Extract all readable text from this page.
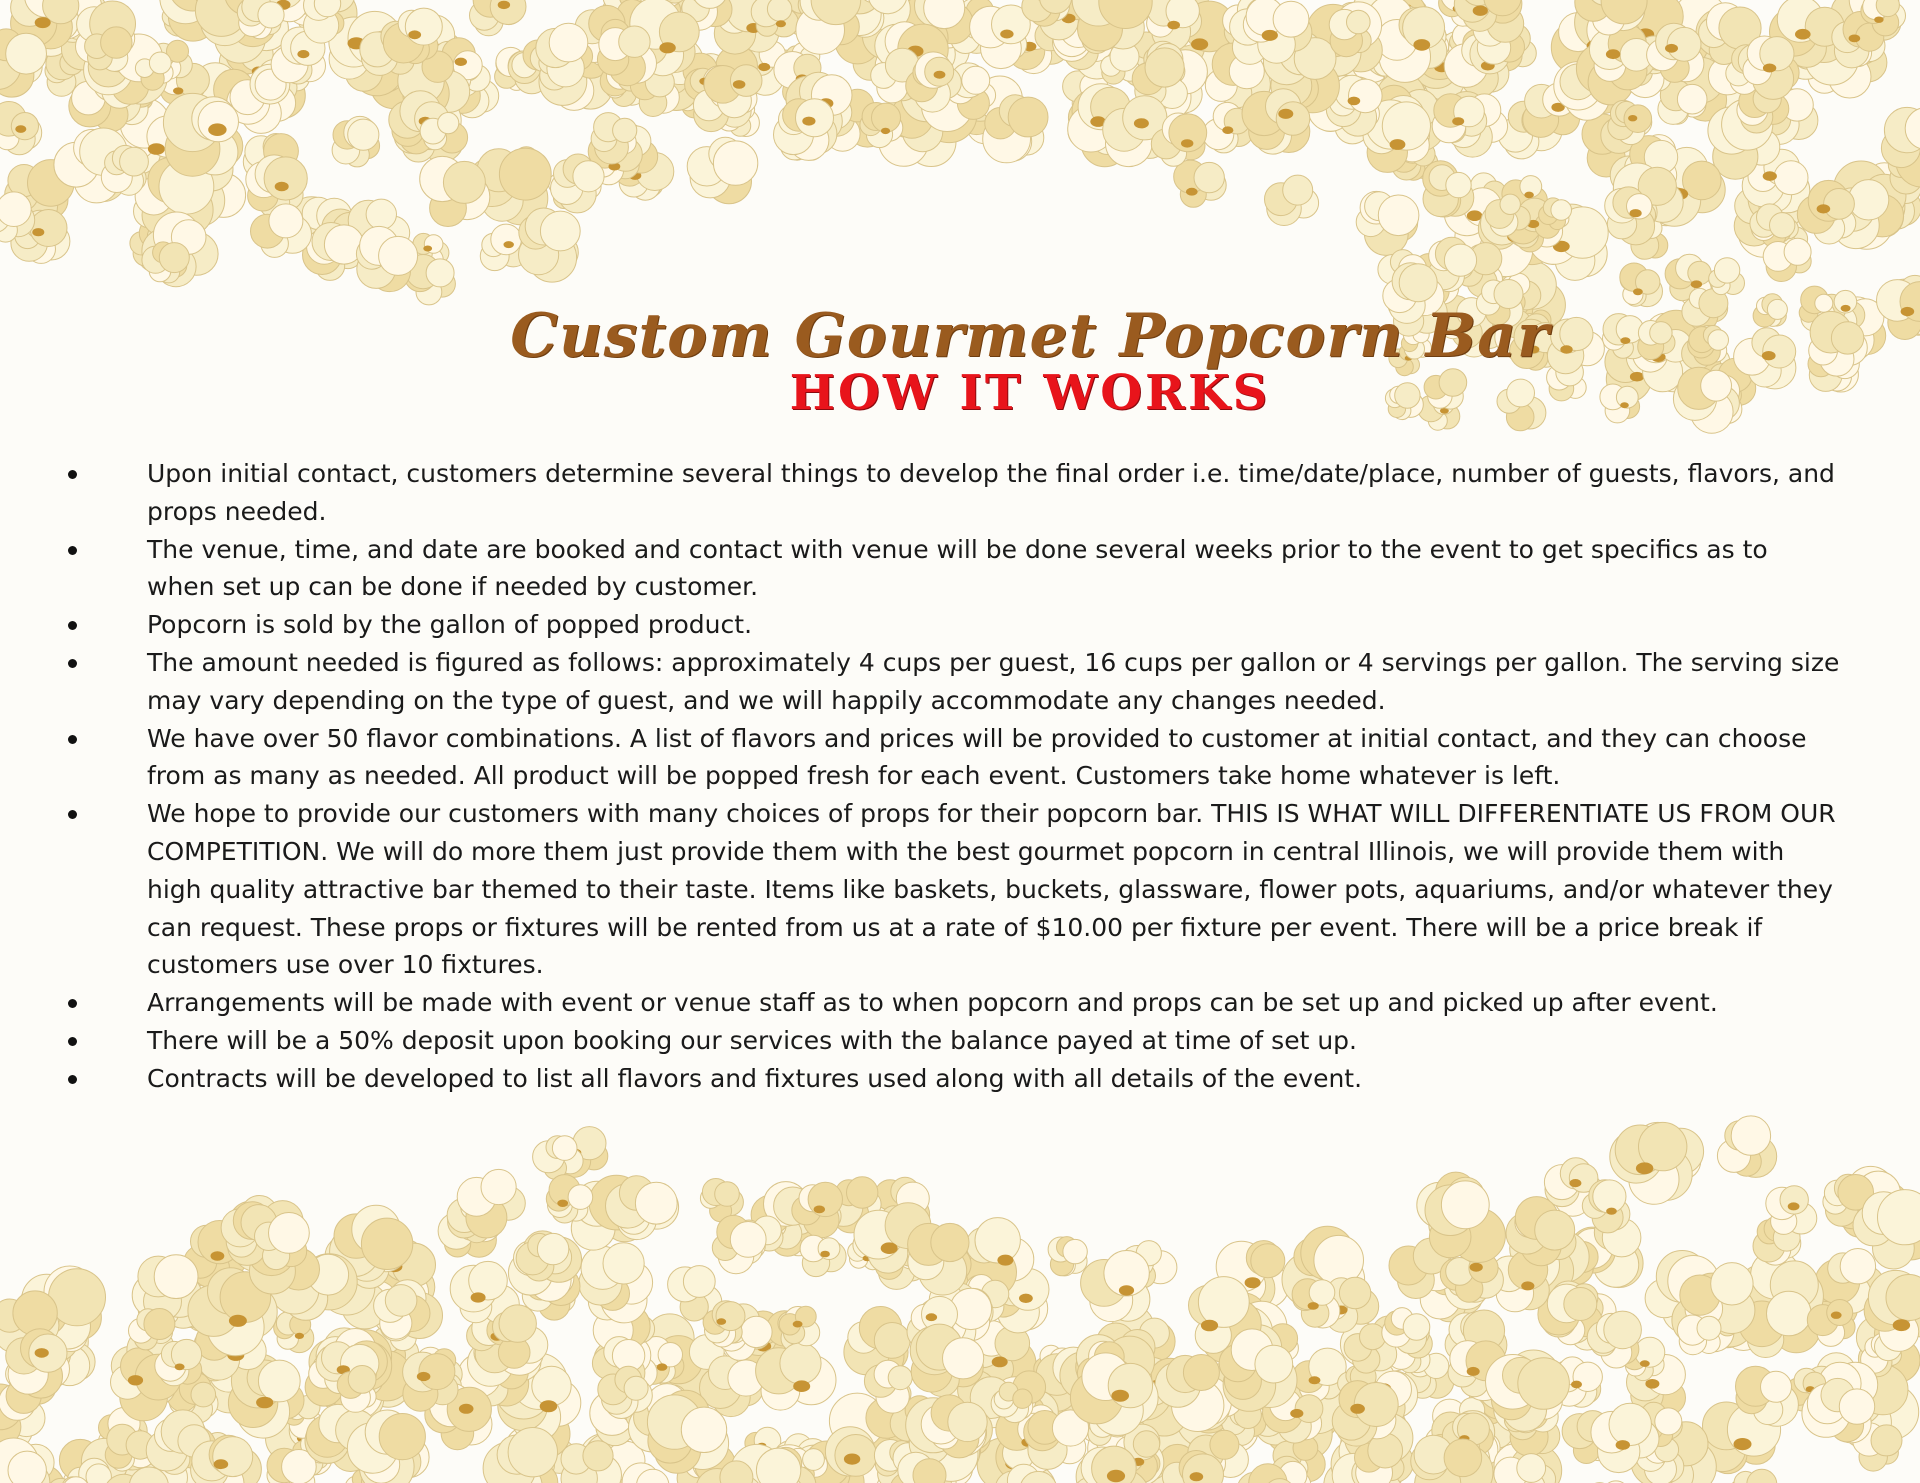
Custom Gourmet Popcorn Bar
HOW IT WORKS
Upon initial contact, customers determine several things to develop the final order i.e. time/date/place, number of guests, flavors, and props needed.
The venue, time, and date are booked and contact with venue will be done several weeks prior to the event to get specifics as to when set up can be done if needed by customer.
Popcorn is sold by the gallon of popped product.
The amount needed is figured as follows: approximately 4 cups per guest, 16 cups per gallon or 4 servings per gallon. The serving size may vary depending on the type of guest, and we will happily accommodate any changes needed.
We have over 50 flavor combinations. A list of flavors and prices will be provided to customer at initial contact, and they can choose from as many as needed. All product will be popped fresh for each event. Customers take home whatever is left.
We hope to provide our customers with many choices of props for their popcorn bar. THIS IS WHAT WILL DIFFERENTIATE US FROM OUR COMPETITION. We will do more them just provide them with the best gourmet popcorn in central Illinois, we will provide them with high quality attractive bar themed to their taste. Items like baskets, buckets, glassware, flower pots, aquariums, and/or whatever they can request. These props or fixtures will be rented from us at a rate of $10.00 per fixture per event. There will be a price break if customers use over 10 fixtures.
Arrangements will be made with event or venue staff as to when popcorn and props can be set up and picked up after event.
There will be a 50% deposit upon booking our services with the balance payed at time of set up.
Contracts will be developed to list all flavors and fixtures used along with all details of the event.
